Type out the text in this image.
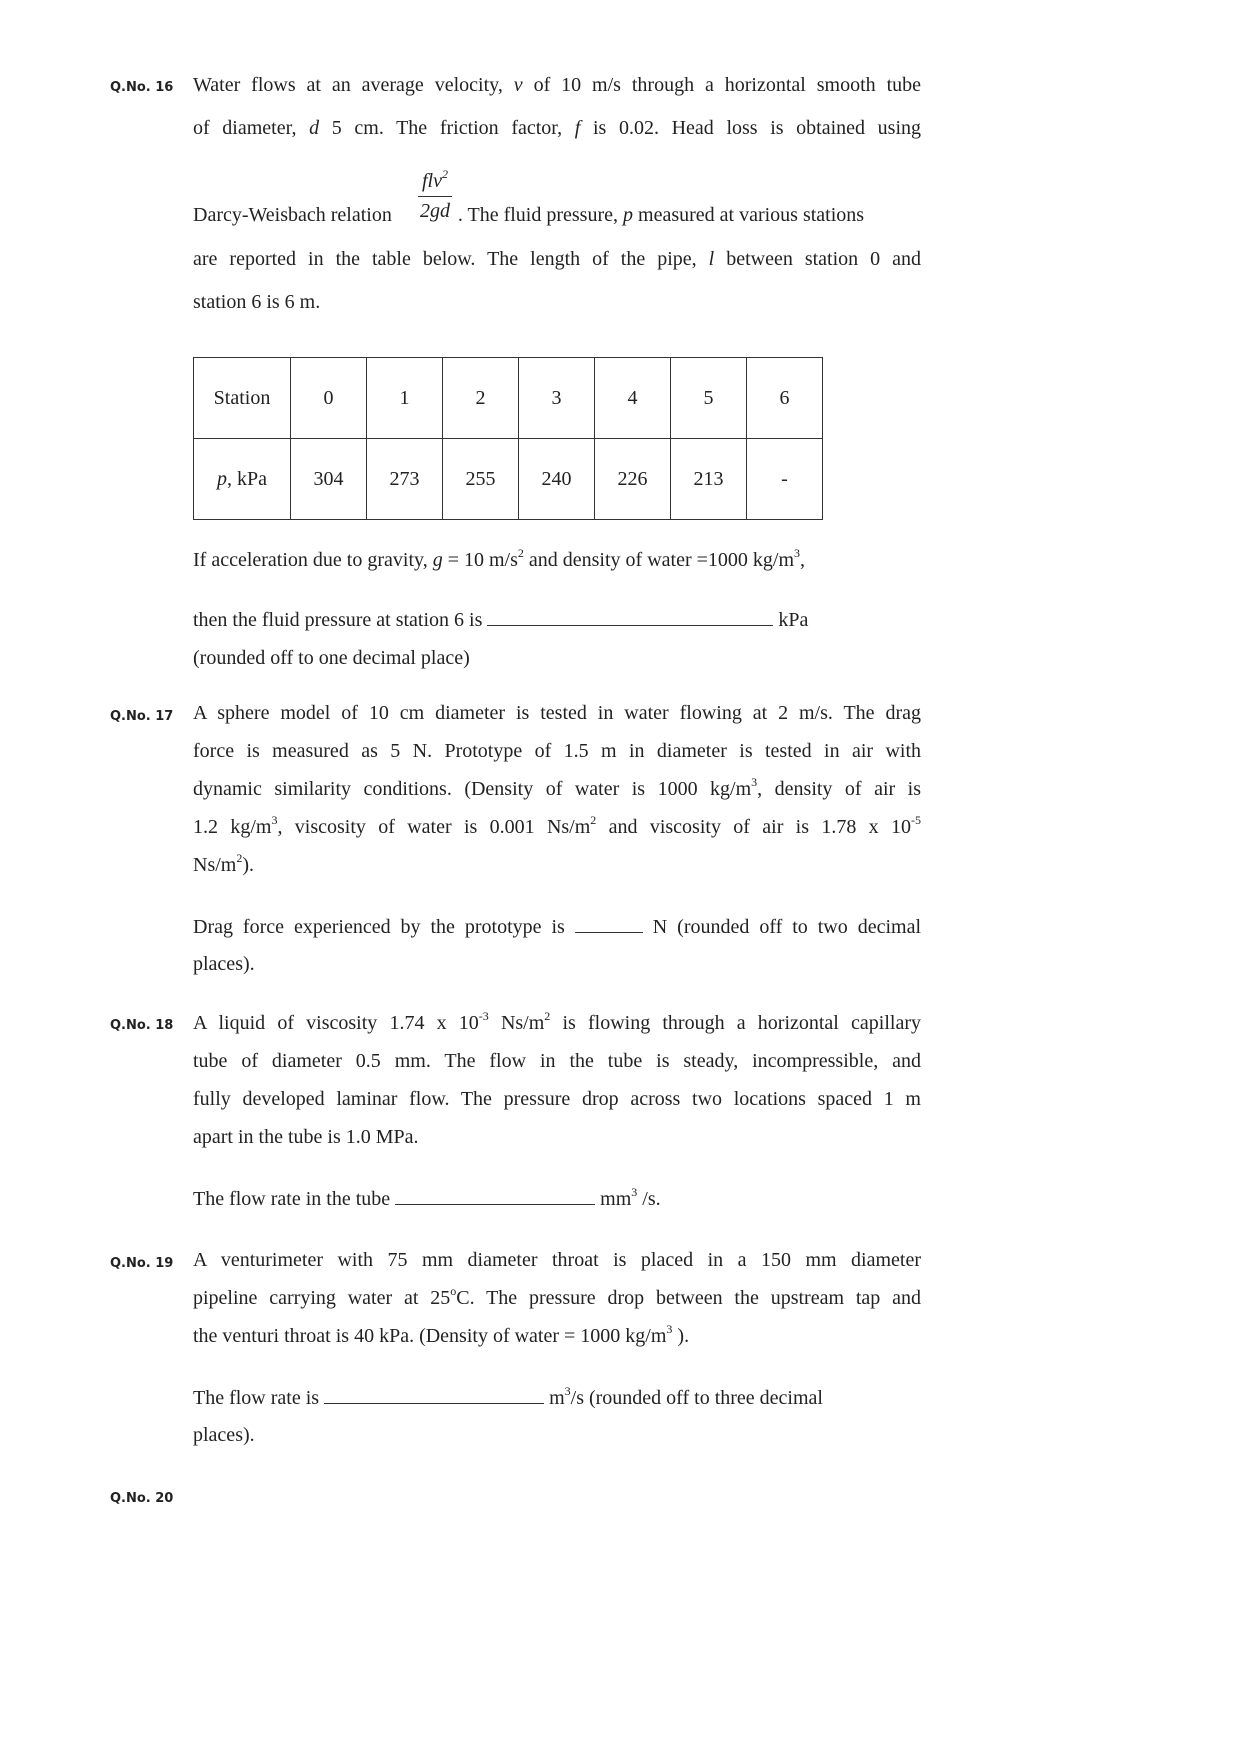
Q.No. 16 Water flows at an average velocity, v of 10 m/s through a horizontal smooth tube
of diameter, d 5 cm. The friction factor, f is 0.02. Head loss is obtained using
flv$^2$
2gd
Darcy-Weisbach relation	. The fluid pressure, p measured at various stations
are reported in the table below. The length of the pipe, l between station 0 and
station 6 is 6 m.
Station	0	1	2	3	4	5	6
p, kPa	304	273	255	240	226	213	-
If acceleration due to gravity, g = 10 $m/s^2$ and density of water =1000 $kg/m^3$,
then the fluid pressure at station 6 is	kPa
(rounded off to one decimal place)
Q.No. 17 A sphere model of 10 cm diameter is tested in water flowing at 2 m/s. The drag
force is measured as 5 N. Prototype of 1.5 m in diameter is tested in air with
dynamic similarity conditions. (Density of water is 1000 $kg/m^3$, density of air is
1.2 $kg/m^3$, viscosity of water is 0.001 $Ns/m^2$ and viscosity of air is 1.78 x $10^{-5}$
$Ns/m^2$).
Drag force experienced by the prototype is	N (rounded off to two decimal
places).
Q.No. 18 A liquid of viscosity 1.74 x $10^{-3}$ $Ns/m^2$ is flowing through a horizontal capillary
tube of diameter 0.5 mm. The flow in the tube is steady, incompressible, and
fully developed laminar flow. The pressure drop across two locations spaced 1 m
apart in the tube is 1.0 MPa.
The flow rate in the tube	$mm^3$ /s.
Q.No. 19 A venturimeter with 75 mm diameter throat is placed in a 150 mm diameter
pipeline carrying water at 25$^o$C. The pressure drop between the upstream tap and
the venturi throat is 40 kPa. (Density of water = 1000 $kg/m^3$ ).
The flow rate is	$m^3/s$ (rounded off to three decimal
places).
Q.No. 20
